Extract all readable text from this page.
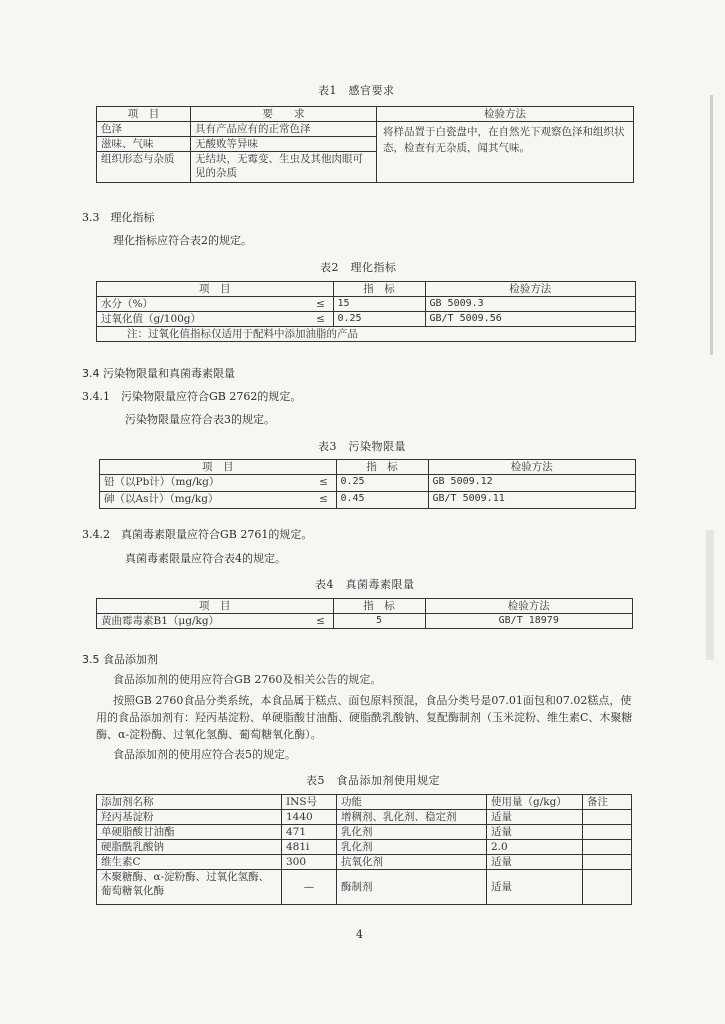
表1　感官要求
项　目	要　　求	检验方法
色泽	具有产品应有的正常色泽	将样品置于白瓷盘中，在自然光下观察色泽和组织状态，检查有无杂质，闻其气味。
滋味、气味	无酸败等异味	
组织形态与杂质	无结块，无霉变、生虫及其他肉眼可见的杂质	
3.3　理化指标
理化指标应符合表2的规定。
表2　理化指标
项　目		指　标	检验方法
水分（%）	≤	15	GB 5009.3
过氧化值（g/100g）	≤	0.25	GB/T 5009.56
注：过氧化值指标仅适用于配料中添加油脂的产品			
3.4 污染物限量和真菌毒素限量
3.4.1　污染物限量应符合GB 2762的规定。
污染物限量应符合表3的规定。
表3　污染物限量
项　目		指　标	检验方法
铅（以Pb计）（mg/kg）	≤	0.25	GB 5009.12
砷（以As计）（mg/kg）	≤	0.45	GB/T 5009.11
3.4.2　真菌毒素限量应符合GB 2761的规定。
真菌毒素限量应符合表4的规定。
表4　真菌毒素限量
项　目		指　标	检验方法
黄曲霉毒素B1（μg/kg）	≤	5	GB/T 18979
3.5 食品添加剂
食品添加剂的使用应符合GB 2760及相关公告的规定。
按照GB 2760食品分类系统，本食品属于糕点、面包原料预混，食品分类号是07.01面包和07.02糕点，使用的食品添加剂有：羟丙基淀粉、单硬脂酸甘油酯、硬脂酰乳酸钠、复配酶制剂（玉米淀粉、维生素C、木聚糖酶、α-淀粉酶、过氧化氢酶、葡萄糖氧化酶）。
食品添加剂的使用应符合表5的规定。
表5　食品添加剂使用规定
添加剂名称	INS号	功能	使用量（g/kg）	备注
羟丙基淀粉	1440	增稠剂、乳化剂、稳定剂	适量	
单硬脂酸甘油酯	471	乳化剂	适量	
硬脂酰乳酸钠	481i	乳化剂	2.0	
维生素C	300	抗氧化剂	适量	
木聚糖酶、α-淀粉酶、过氧化氢酶、葡萄糖氧化酶	—	酶制剂	适量	
4
